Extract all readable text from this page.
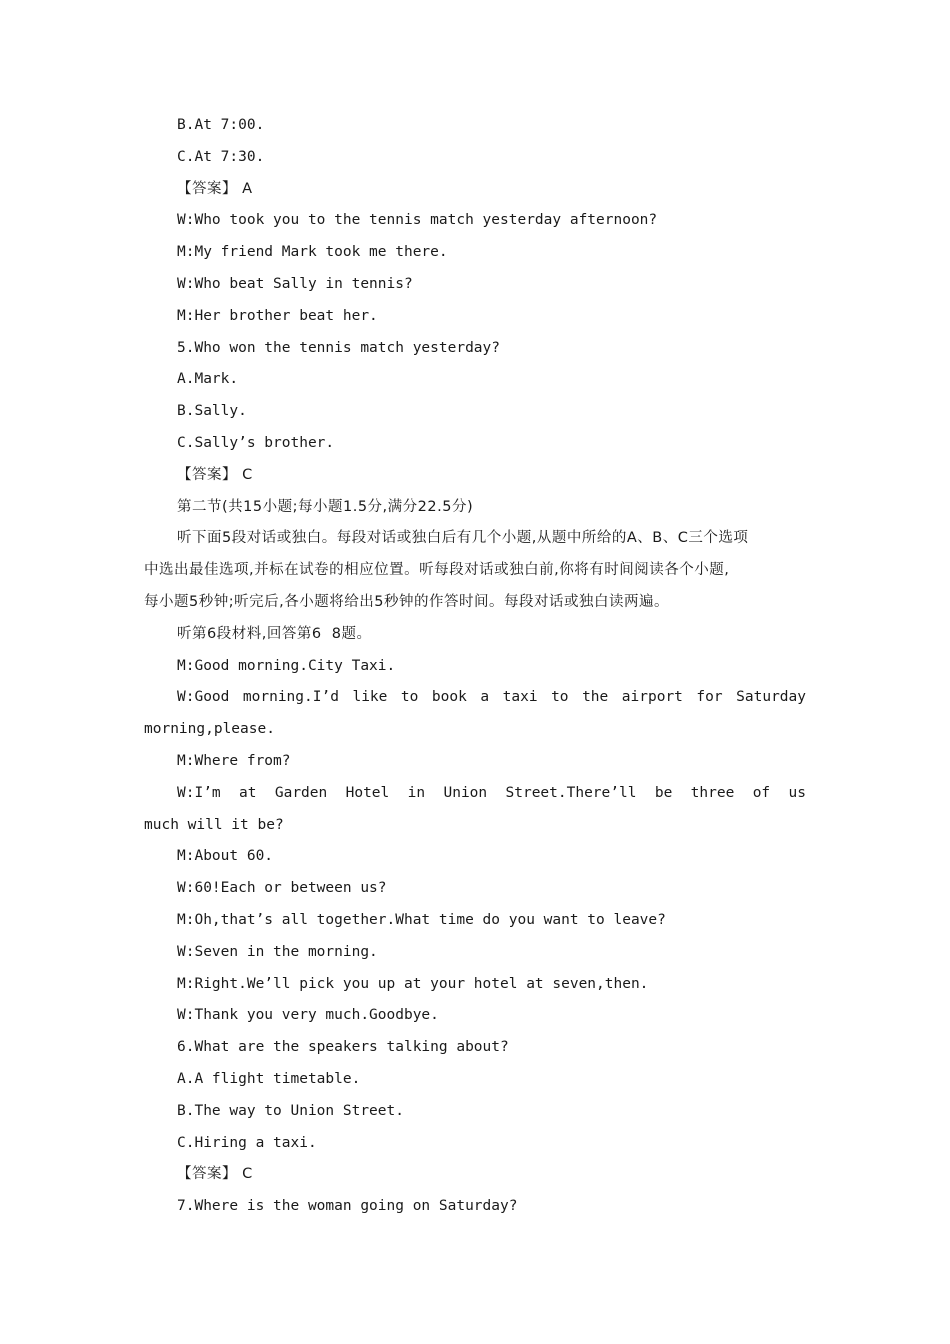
B.At 7:00.
C.At 7:30.
【答案】 A
W:Who took you to the tennis match yesterday afternoon?
M:My friend Mark took me there.
W:Who beat Sally in tennis?
M:Her brother beat her.
5.Who won the tennis match yesterday?
A.Mark.
B.Sally.
C.Sally’s brother.
【答案】 C
第二节(共15小题;每小题1.5分,满分22.5分)
听下面5段对话或独白。每段对话或独白后有几个小题,从题中所给的A、B、C三个选项
中选出最佳选项,并标在试卷的相应位置。听每段对话或独白前,你将有时间阅读各个小题,
每小题5秒钟;听完后,各小题将给出5秒钟的作答时间。每段对话或独白读两遍。
听第6段材料,回答第6  8题。
M:Good morning.City Taxi.
W:Good morning.I’d like to book a taxi to the airport for Saturday
morning,please.
M:Where from?
W:I’m at Garden Hotel in Union Street.There’ll be three of us
much will it be?
M:About 60.
W:60!Each or between us?
M:Oh,that’s all together.What time do you want to leave?
W:Seven in the morning.
M:Right.We’ll pick you up at your hotel at seven,then.
W:Thank you very much.Goodbye.
6.What are the speakers talking about?
A.A flight timetable.
B.The way to Union Street.
C.Hiring a taxi.
【答案】 C
7.Where is the woman going on Saturday?
